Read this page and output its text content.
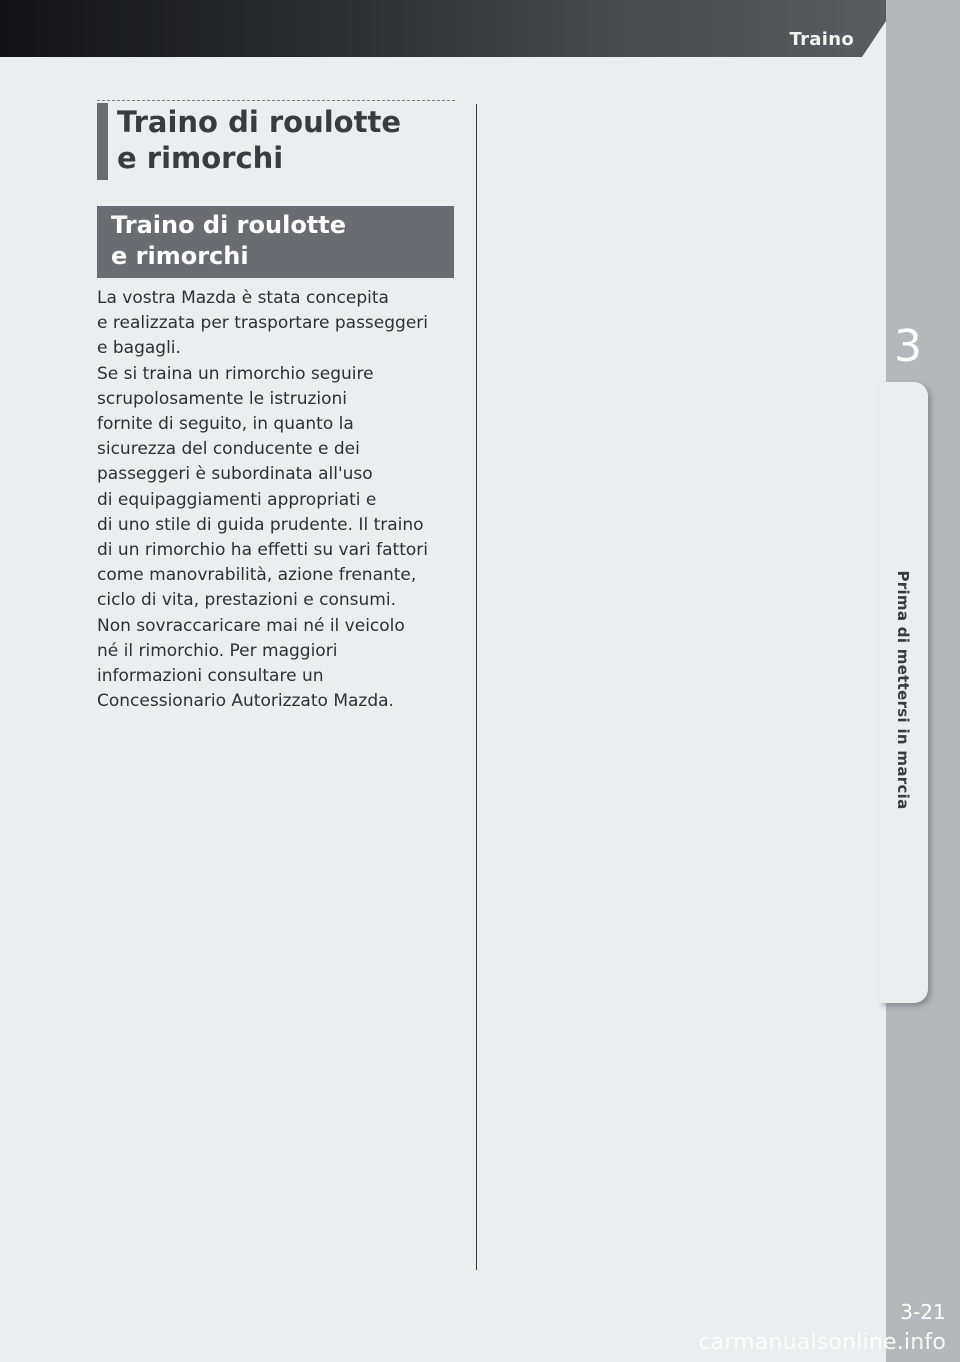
Traino
3
Prima di mettersi in marcia
3-21
Traino di roulotte
e rimorchi
Traino di roulotte
e rimorchi
La vostra Mazda è stata concepita
e realizzata per trasportare passeggeri
e bagagli.
Se si traina un rimorchio seguire
scrupolosamente le istruzioni
fornite di seguito, in quanto la
sicurezza del conducente e dei
passeggeri è subordinata all'uso
di equipaggiamenti appropriati e
di uno stile di guida prudente. Il traino
di un rimorchio ha effetti su vari fattori
come manovrabilità, azione frenante,
ciclo di vita, prestazioni e consumi.
Non sovraccaricare mai né il veicolo
né il rimorchio. Per maggiori
informazioni consultare un
Concessionario Autorizzato Mazda.
carmanualsonline.info
